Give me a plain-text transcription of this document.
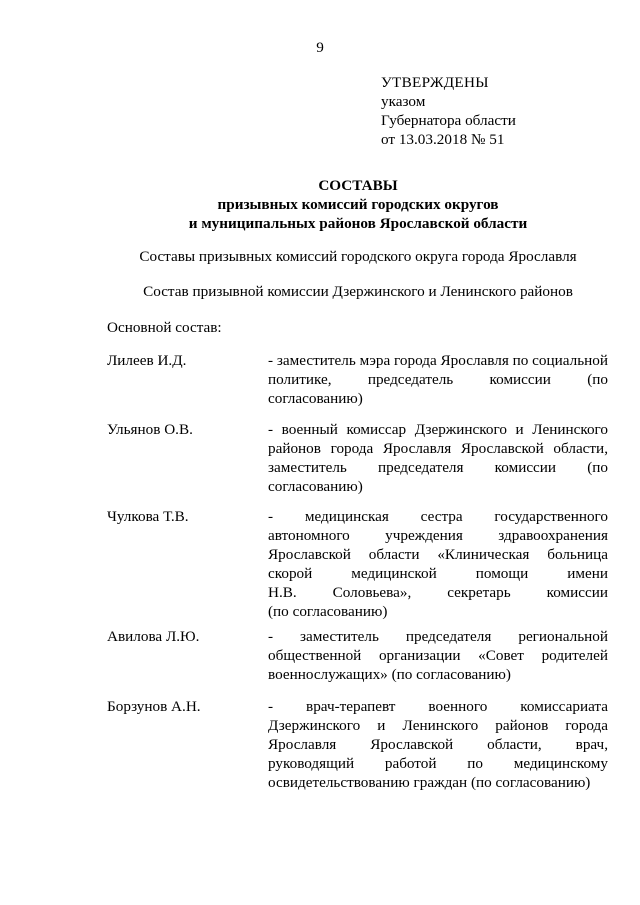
9
УТВЕРЖДЕНЫ
указом
Губернатора области
от 13.03.2018 № 51
СОСТАВЫ
призывных комиссий городских округов
и муниципальных районов Ярославской области
Составы призывных комиссий городского округа города Ярославля
Состав призывной комиссии Дзержинского и Ленинского районов
Основной состав:
Лилеев И.Д.	- заместитель мэра города Ярославля по социальной
политике, председатель комиссии (по
согласованию)
Ульянов О.В.	- военный комиссар Дзержинского и Ленинского
районов города Ярославля Ярославской области,
заместитель председателя комиссии (по
согласованию)
Чулкова Т.В.	- медицинская сестра государственного
автономного учреждения здравоохранения
Ярославской области «Клиническая больница
скорой медицинской помощи имени
Н.В. Соловьева», секретарь комиссии
(по согласованию)
Авилова Л.Ю.	- заместитель председателя региональной
общественной организации «Совет родителей
военнослужащих» (по согласованию)
Борзунов А.Н.	- врач-терапевт военного комиссариата
Дзержинского и Ленинского районов города
Ярославля Ярославской области, врач,
руководящий работой по медицинскому
освидетельствованию граждан (по согласованию)
